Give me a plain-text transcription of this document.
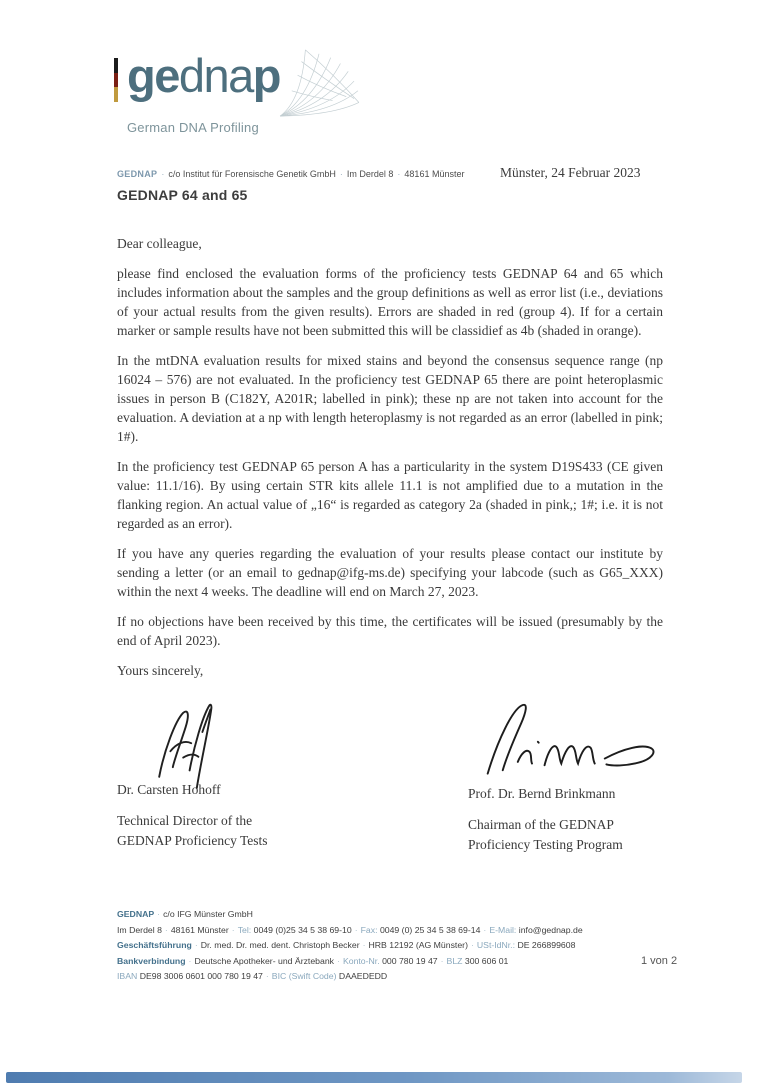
gednap
German DNA Profiling
GEDNAP · c/o Institut für Forensische Genetik GmbH · Im Derdel 8 · 48161 Münster	Münster, 24 Februar 2023
GEDNAP 64 and 65

Dear colleague,

please find enclosed the evaluation forms of the proficiency tests GEDNAP 64 and 65 which includes information about the samples and the group definitions as well as error list (i.e., deviations of your actual results from the given results). Errors are shaded in red (group 4). If for a certain marker or sample results have not been submitted this will be classidief as 4b (shaded in orange).

In the mtDNA evaluation results for mixed stains and beyond the consensus sequence range (np 16024 – 576) are not evaluated. In the proficiency test GEDNAP 65 there are point heteroplasmic issues in person B (C182Y, A201R; labelled in pink); these np are not taken into account for the evaluation. A deviation at a np with length heteroplasmy is not regarded as an error (labelled in pink; 1#).

In the proficiency test GEDNAP 65 person A has a particularity in the system D19S433 (CE given value: 11.1/16). By using certain STR kits allele 11.1 is not amplified due to a mutation in the flanking region. An actual value of „16“ is regarded as category 2a (shaded in pink,; 1#; i.e. it is not regarded as an error).

If you have any queries regarding the evaluation of your results please contact our institute by sending a letter (or an email to gednap@ifg-ms.de) specifying your labcode (such as G65_XXX) within the next 4 weeks. The deadline will end on March 27, 2023.

If no objections have been received by this time, the certificates will be issued (presumably by the end of April 2023).

Yours sincerely,

Dr. Carsten Hohoff
Technical Director of the
GEDNAP Proficiency Tests
Prof. Dr. Bernd Brinkmann
Chairman of the GEDNAP
Proficiency Testing Program
GEDNAP · c/o IFG Münster GmbH
Im Derdel 8 · 48161 Münster · Tel: 0049 (0)25 34 5 38 69-10 · Fax: 0049 (0) 25 34 5 38 69-14 · E-Mail: info@gednap.de
Geschäftsführung · Dr. med. Dr. med. dent. Christoph Becker · HRB 12192 (AG Münster) · USt-IdNr.: DE 266899608
Bankverbindung · Deutsche Apotheker- und Ärztebank · Konto-Nr. 000 780 19 47 · BLZ 300 606 01
IBAN DE98 3006 0601 000 780 19 47 · BIC (Swift Code) DAAEDEDD
1 von 2
